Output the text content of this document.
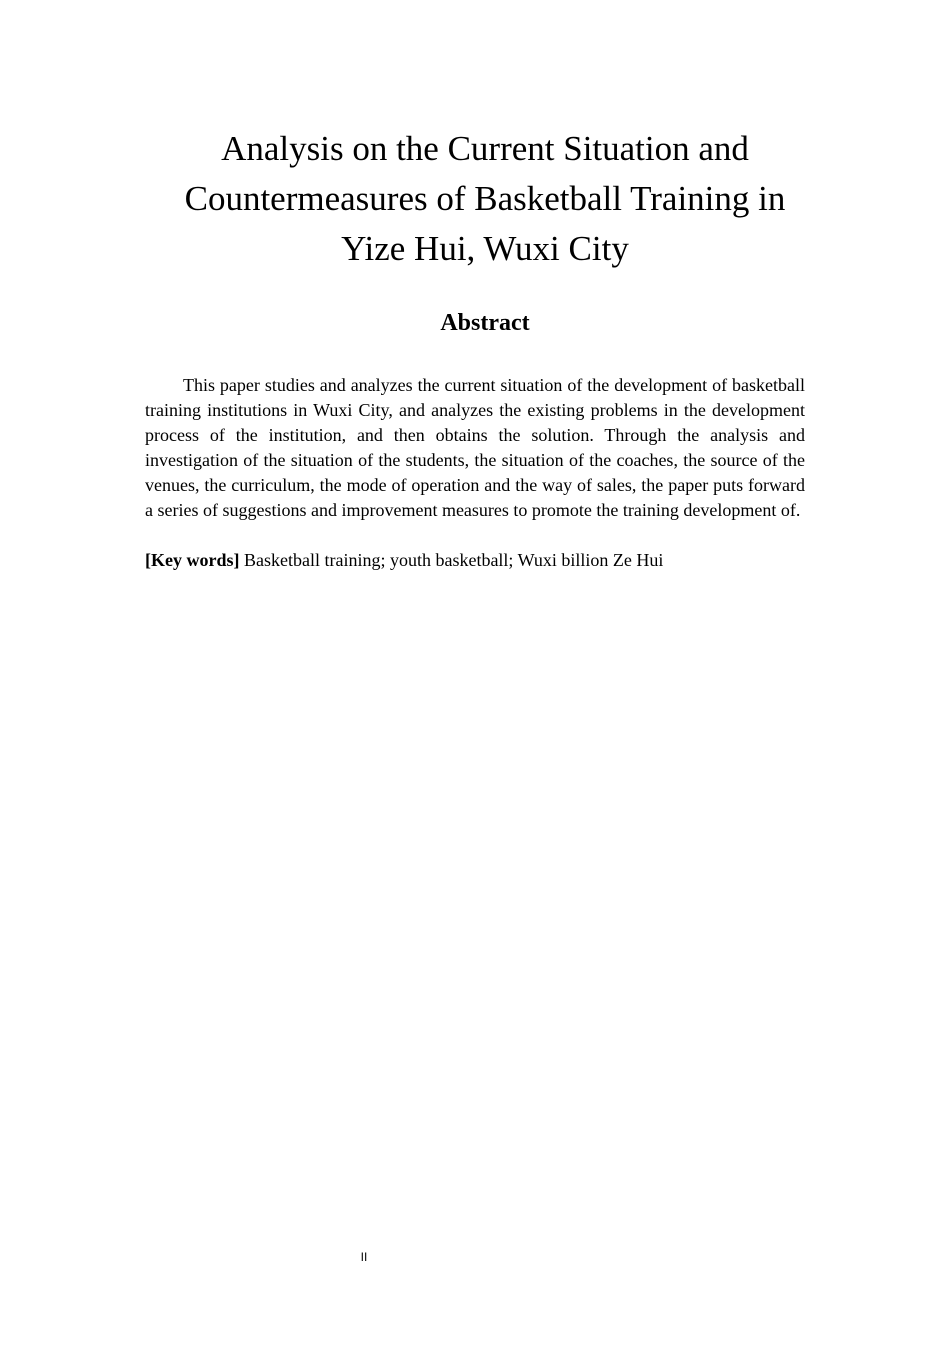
Analysis on the Current Situation and
Countermeasures of Basketball Training in
Yize Hui, Wuxi City
Abstract

This paper studies and analyzes the current situation of the development of basketball training institutions in Wuxi City, and analyzes the existing problems in the development process of the institution, and then obtains the solution. Through the analysis and investigation of the situation of the students, the situation of the coaches, the source of the venues, the curriculum, the mode of operation and the way of sales, the paper puts forward a series of suggestions and improvement measures to promote the training development of.

[Key words] Basketball training; youth basketball; Wuxi billion Ze Hui

II
